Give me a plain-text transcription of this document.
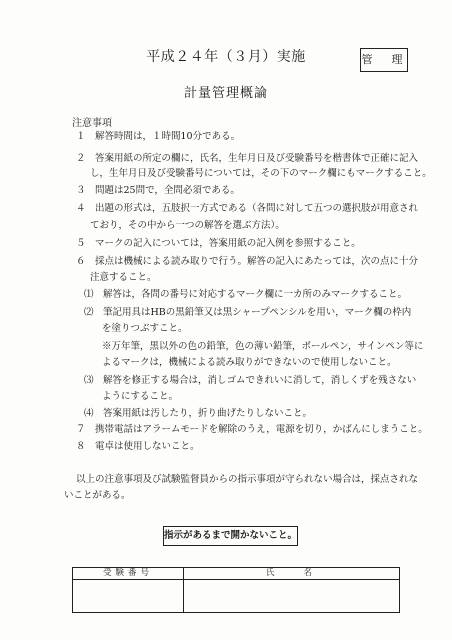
平成２４年（３月）実施	管　理
計量管理概論
注意事項
１　解答時間は，１時間10分である。
２　答案用紙の所定の欄に，氏名，生年月日及び受験番号を楷書体で正確に記入
し，生年月日及び受験番号については，その下のマーク欄にもマークすること。
３　問題は25問で，全問必須である。
４　出題の形式は，五肢択一方式である（各問に対して五つの選択肢が用意され
ており，その中から一つの解答を選ぶ方法）。
５　マークの記入については，答案用紙の記入例を参照すること。
６　採点は機械による読み取りで行う。解答の記入にあたっては，次の点に十分
注意すること。
⑴　解答は，各問の番号に対応するマーク欄に一カ所のみマークすること。
⑵　筆記用具はHBの黒鉛筆又は黒シャープペンシルを用い，マーク欄の枠内
を塗りつぶすこと。
※万年筆，黒以外の色の鉛筆，色の薄い鉛筆，ボールペン，サインペン等に
よるマークは，機械による読み取りができないので使用しないこと。
⑶　解答を修正する場合は，消しゴムできれいに消して，消しくずを残さない
ようにすること。
⑷　答案用紙は汚したり，折り曲げたりしないこと。
７　携帯電話はアラームモードを解除のうえ，電源を切り，かばんにしまうこと。
８　電卓は使用しないこと。
以上の注意事項及び試験監督員からの指示事項が守られない場合は，採点されな
いことがある。
指示があるまで開かないこと。
受験番号	氏　　名
